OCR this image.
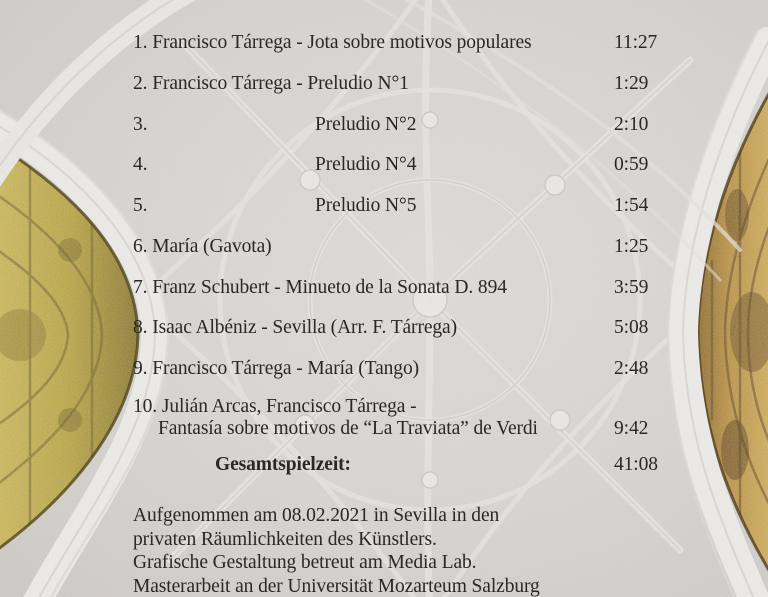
1. Francisco Tárrega - Jota sobre motivos populares	11:27
2. Francisco Tárrega - Preludio N°1	1:29
3.	Preludio N°2	2:10
4.	Preludio N°4	0:59
5.	Preludio N°5	1:54
6. María (Gavota)	1:25
7. Franz Schubert - Minueto de la Sonata D. 894	3:59
8. Isaac Albéniz - Sevilla (Arr. F. Tárrega)	5:08
9. Francisco Tárrega - María (Tango)	2:48
10. Julián Arcas, Francisco Tárrega -
Fantasía sobre motivos de “La Traviata” de Verdi	9:42
Gesamtspielzeit:	41:08
Aufgenommen am 08.02.2021 in Sevilla in den
privaten Räumlichkeiten des Künstlers.
Grafische Gestaltung betreut am Media Lab.
Masterarbeit an der Universität Mozarteum Salzburg
